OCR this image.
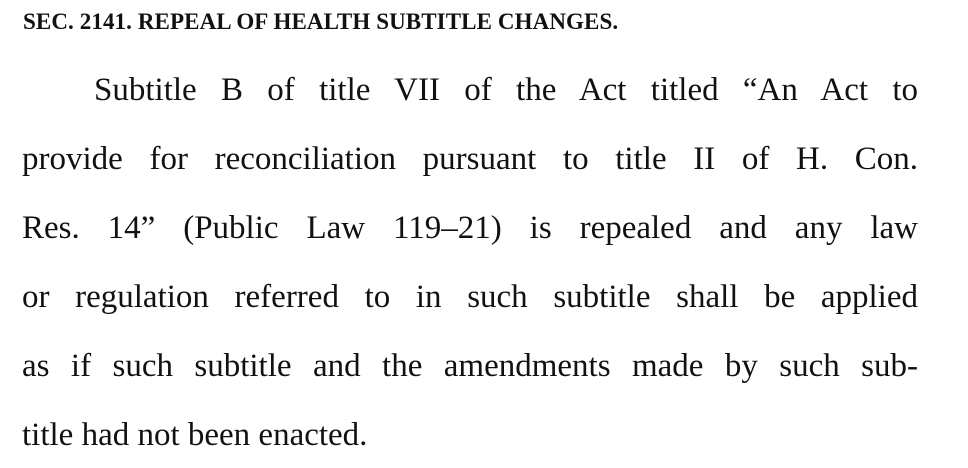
SEC. 2141. REPEAL OF HEALTH SUBTITLE CHANGES.
Subtitle B of title VII of the Act titled “An Act to
provide for reconciliation pursuant to title II of H. Con.
Res. 14” (Public Law 119–21) is repealed and any law
or regulation referred to in such subtitle shall be applied
as if such subtitle and the amendments made by such sub-
title had not been enacted.
